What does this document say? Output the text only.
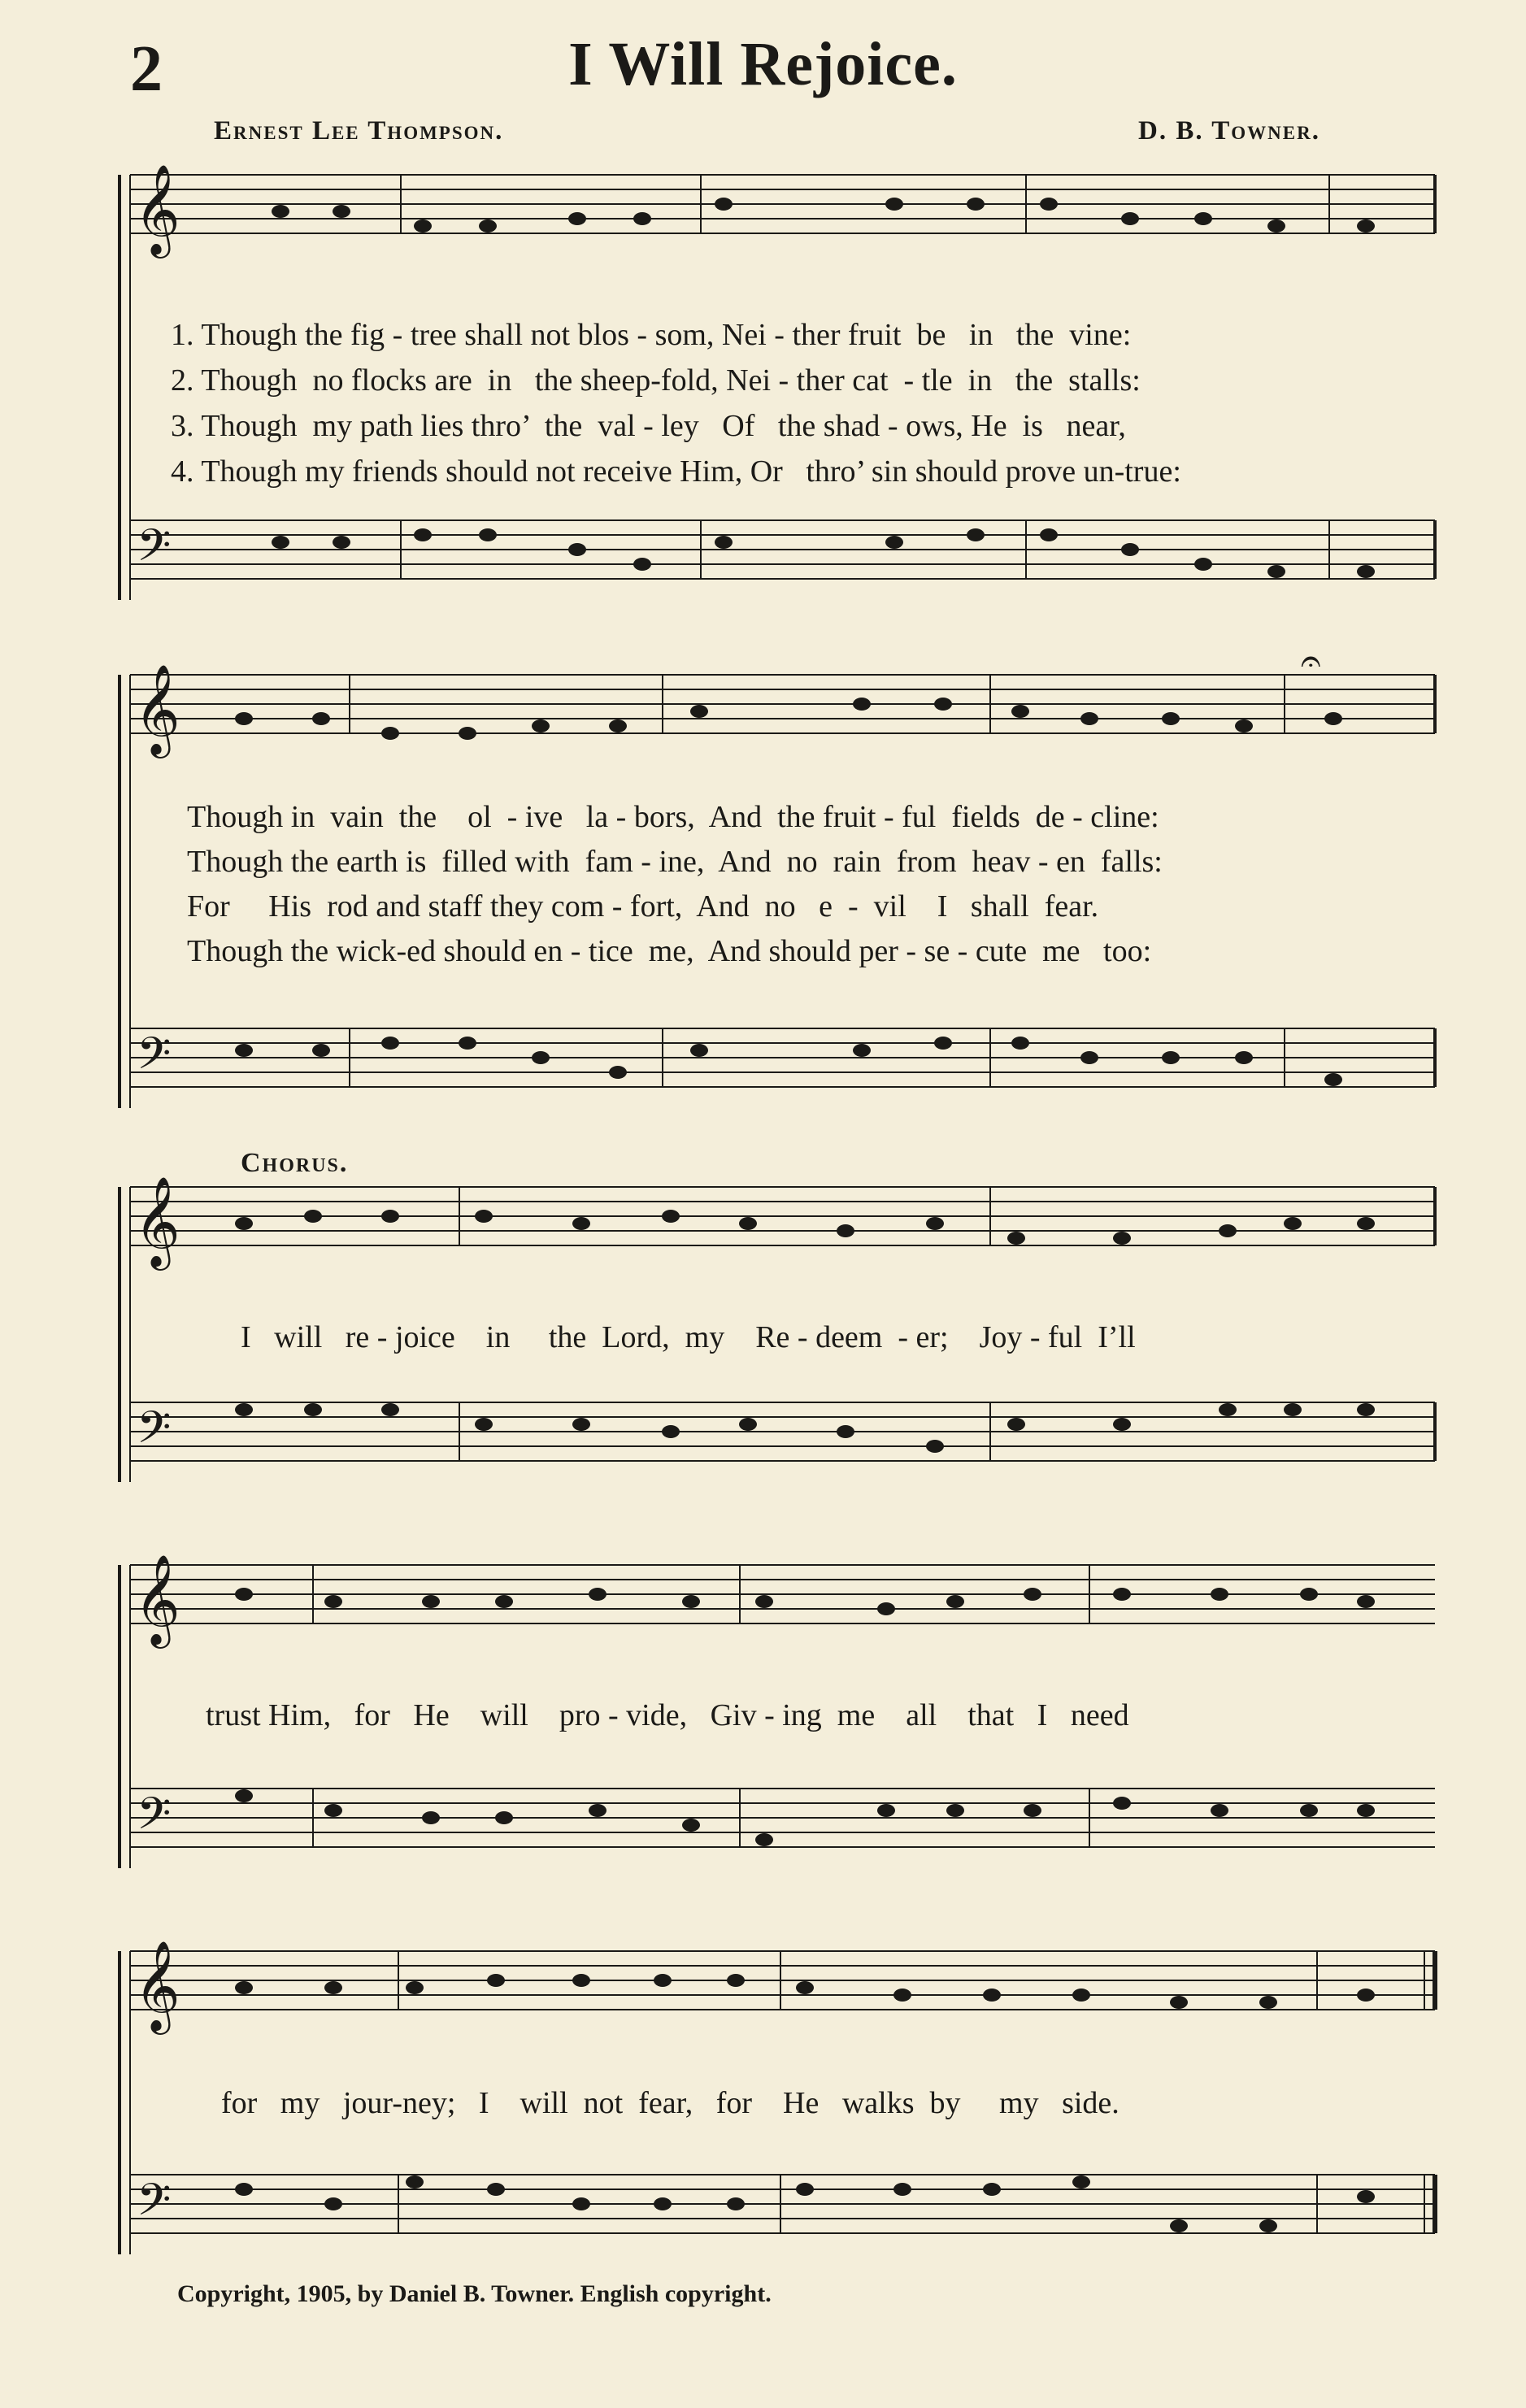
2	I Will Rejoice.
Ernest Lee Thompson.	D. B. Towner.
𝄞
𝄢
1. Though the fig - tree shall not blos - som, Nei - ther fruit  be   in   the  vine:
2. Though  no flocks are  in   the sheep-fold, Nei - ther cat  - tle  in   the  stalls:
3. Though  my path lies thro’  the  val - ley   Of   the shad - ows, He  is   near,
4. Though my friends should not receive Him, Or   thro’ sin should prove un-true:
𝄞
𝄢
𝄐
Though in  vain  the    ol  - ive   la - bors,  And  the fruit - ful  fields  de - cline:
Though the earth is  filled with  fam - ine,  And  no  rain  from  heav - en  falls:
For     His  rod and staff they com - fort,  And  no   e  -  vil    I   shall  fear.
Though the wick-ed should en - tice  me,  And should per - se - cute  me   too:
Chorus.
𝄞
𝄢
I   will   re - joice    in     the  Lord,  my    Re - deem  - er;    Joy - ful  I’ll
𝄞
𝄢
trust Him,   for   He    will    pro - vide,   Giv - ing  me    all    that   I   need
𝄞
𝄢
for   my   jour-ney;   I    will  not  fear,   for    He   walks  by     my   side.
Copyright, 1905, by Daniel B. Towner. English copyright.
